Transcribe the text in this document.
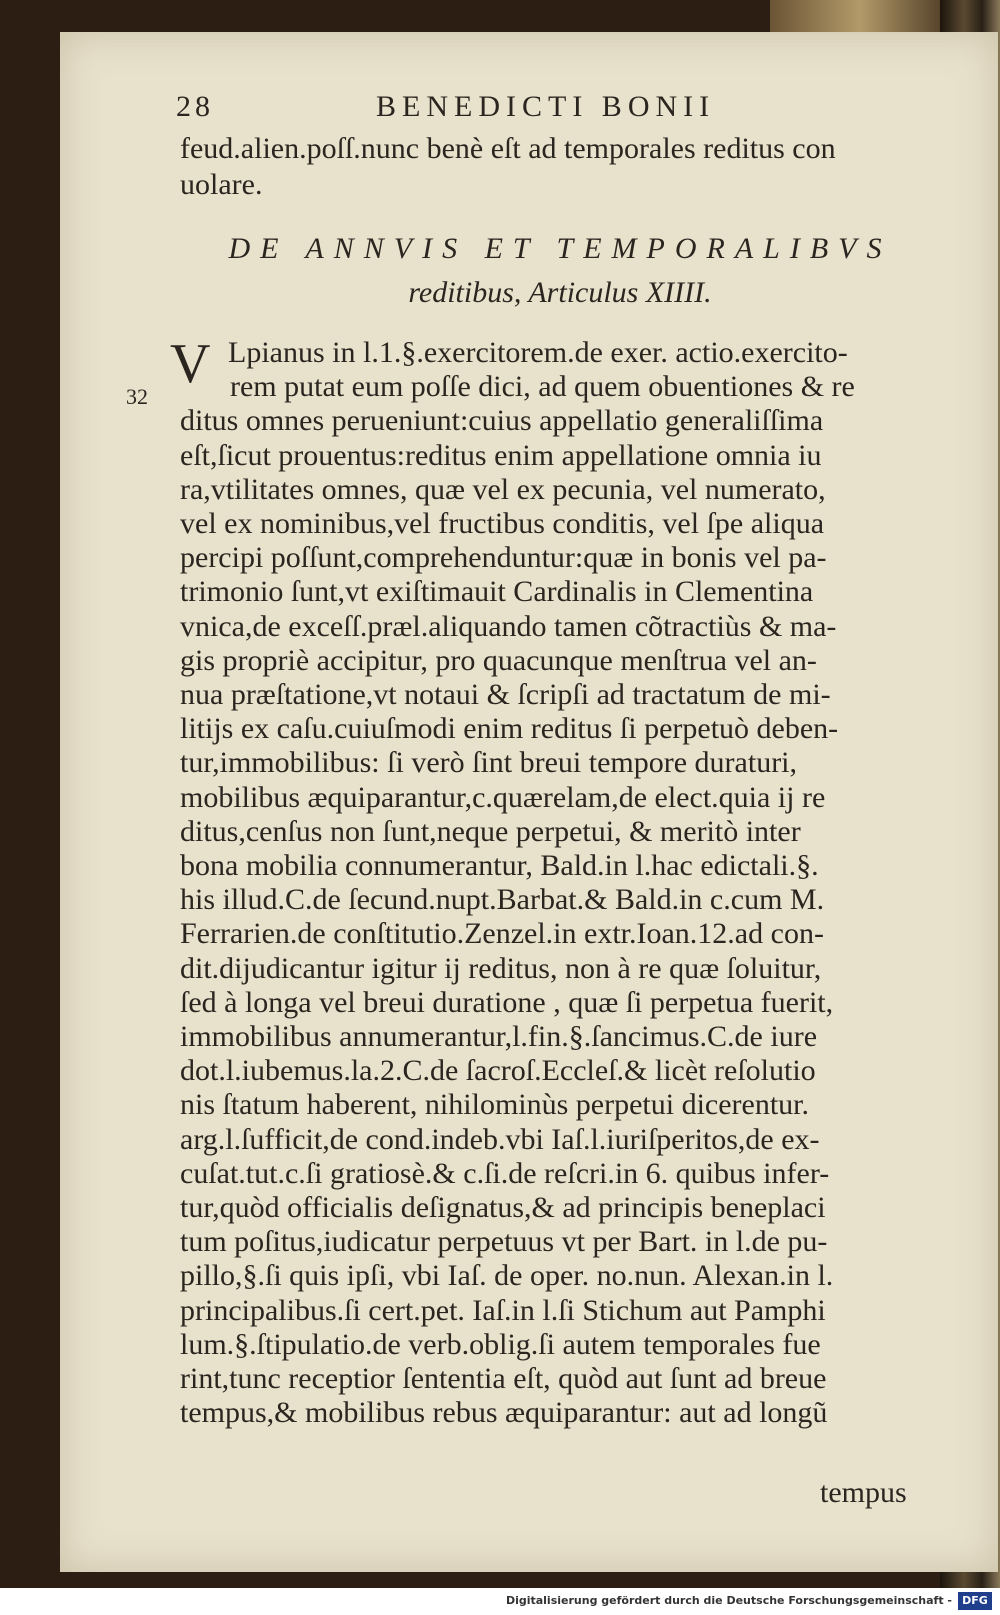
28	BENEDICTI BONII
feud.alien.poſſ.nunc benè eſt ad temporales reditus con
uolare.
DE ANNVIS ET TEMPORALIBVS
reditibus, Articulus XIIII.
V
32
Lpianus in l.1.§.exercitorem.de exer. actio.exercito-
rem putat eum poſſe dici, ad quem obuentiones & re
ditus omnes perueniunt:cuius appellatio generaliſſima
eſt,ſicut prouentus:reditus enim appellatione omnia iu
ra,vtilitates omnes, quæ vel ex pecunia, vel numerato,
vel ex nominibus,vel fructibus conditis, vel ſpe aliqua
percipi poſſunt,comprehenduntur:quæ in bonis vel pa-
trimonio ſunt,vt exiſtimauit Cardinalis in Clementina
vnica,de exceſſ.præl.aliquando tamen cõtractiùs & ma-
gis propriè accipitur, pro quacunque menſtrua vel an-
nua præſtatione,vt notaui & ſcripſi ad tractatum de mi-
litijs ex caſu.cuiuſmodi enim reditus ſi perpetuò deben-
tur,immobilibus: ſi verò ſint breui tempore duraturi,
mobilibus æquiparantur,c.quærelam,de elect.quia ij re
ditus,cenſus non ſunt,neque perpetui, & meritò inter
bona mobilia connumerantur, Bald.in l.hac edictali.§.
his illud.C.de ſecund.nupt.Barbat.& Bald.in c.cum M.
Ferrarien.de conſtitutio.Zenzel.in extr.Ioan.12.ad con-
dit.dijudicantur igitur ij reditus, non à re quæ ſoluitur,
ſed à longa vel breui duratione , quæ ſi perpetua fuerit,
immobilibus annumerantur,l.fin.§.ſancimus.C.de iure
dot.l.iubemus.la.2.C.de ſacroſ.Eccleſ.& licèt reſolutio
nis ſtatum haberent, nihilominùs perpetui dicerentur.
arg.l.ſufficit,de cond.indeb.vbi Iaſ.l.iuriſperitos,de ex-
cuſat.tut.c.ſi gratiosè.& c.ſi.de reſcri.in 6. quibus infer-
tur,quòd officialis deſignatus,& ad principis beneplaci
tum poſitus,iudicatur perpetuus vt per Bart. in l.de pu-
pillo,§.ſi quis ipſi, vbi Iaſ. de oper. no.nun. Alexan.in l.
principalibus.ſi cert.pet. Iaſ.in l.ſi Stichum aut Pamphi
lum.§.ſtipulatio.de verb.oblig.ſi autem temporales fue
rint,tunc receptior ſententia eſt, quòd aut ſunt ad breue
tempus,& mobilibus rebus æquiparantur: aut ad longũ
tempus
Digitalisierung gefördert durch die Deutsche Forschungsgemeinschaft - DFG
